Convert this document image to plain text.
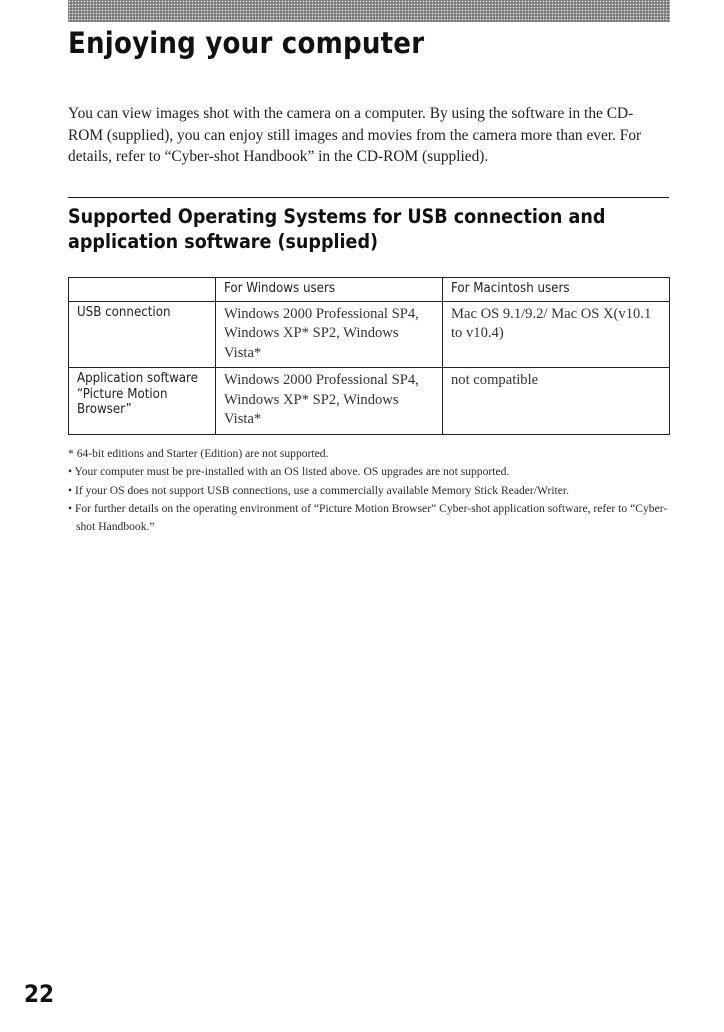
Enjoying your computer

You can view images shot with the camera on a computer. By using the software in the CD-ROM (supplied), you can enjoy still images and movies from the camera more than ever. For details, refer to “Cyber-shot Handbook” in the CD-ROM (supplied).

Supported Operating Systems for USB connection and application software (supplied)
	For Windows users	For Macintosh users
USB connection	Windows 2000 Professional SP4, Windows XP* SP2, Windows Vista*	Mac OS 9.1/9.2/ Mac OS X(v10.1 to v10.4)
Application software “Picture Motion Browser”	Windows 2000 Professional SP4, Windows XP* SP2, Windows Vista*	not compatible
* 64-bit editions and Starter (Edition) are not supported.
• Your computer must be pre-installed with an OS listed above. OS upgrades are not supported.
• If your OS does not support USB connections, use a commercially available Memory Stick Reader/Writer.
• For further details on the operating environment of “Picture Motion Browser” Cyber-shot application software, refer to “Cyber-shot Handbook.”
22
